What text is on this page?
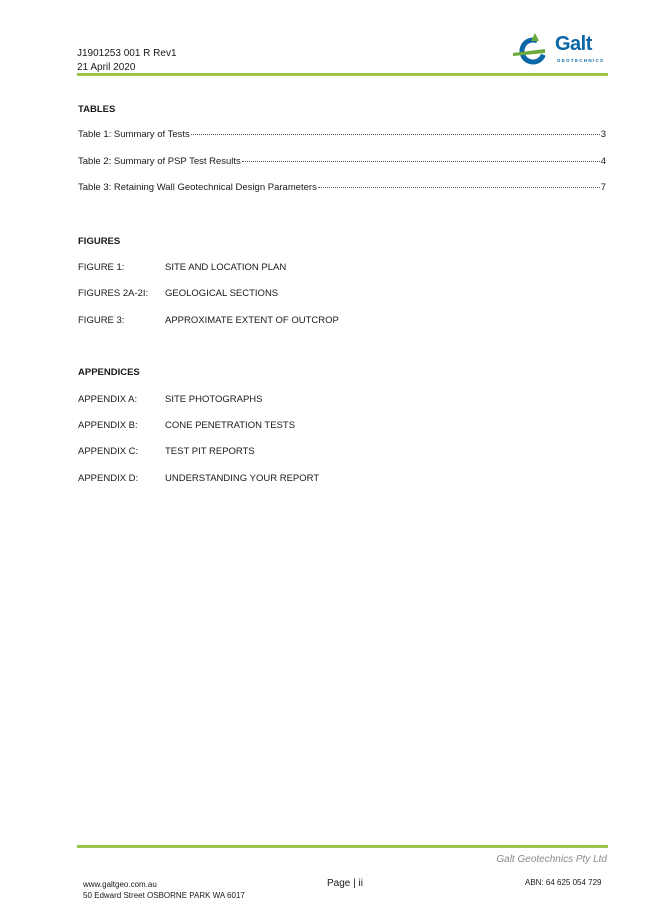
J1901253 001 R Rev1
21 April 2020
Galt
GEOTECHNICS
TABLES
Table 1: Summary of Tests	3
Table 2: Summary of PSP Test Results	4
Table 3: Retaining Wall Geotechnical Design Parameters	7
FIGURES
FIGURE 1:	SITE AND LOCATION PLAN
FIGURES 2A-2I:	GEOLOGICAL SECTIONS
FIGURE 3:	APPROXIMATE EXTENT OF OUTCROP
APPENDICES
APPENDIX A:	SITE PHOTOGRAPHS
APPENDIX B:	CONE PENETRATION TESTS
APPENDIX C:	TEST PIT REPORTS
APPENDIX D:	UNDERSTANDING YOUR REPORT
Galt Geotechnics Pty Ltd
www.galtgeo.com.au
50 Edward Street OSBORNE PARK WA 6017
Page | ii	ABN: 64 625 054 729
